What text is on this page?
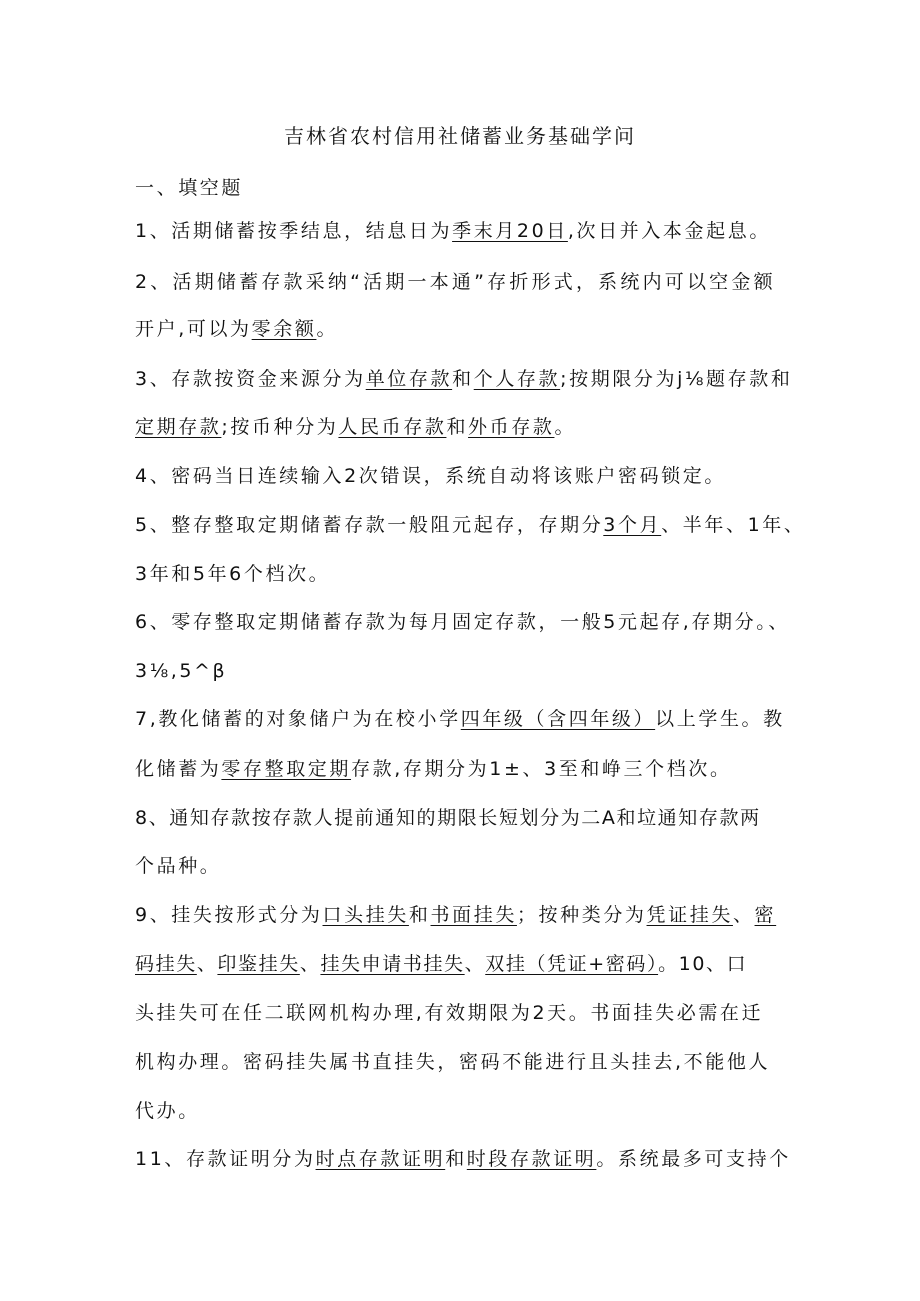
吉林省农村信用社储蓄业务基础学问
一、填空题
1、活期储蓄按季结息，结息日为季末月20日,次日并入本金起息。
2、活期储蓄存款采纳“活期一本通”存折形式，系统内可以空金额
开户,可以为零余额。
3、存款按资金来源分为单位存款和个人存款;按期限分为j⅛题存款和
定期存款;按币种分为人民币存款和外币存款。
4、密码当日连续输入2次错误，系统自动将该账户密码锁定。
5、整存整取定期储蓄存款一般阻元起存，存期分3个月、半年、1年、
3年和5年6个档次。
6、零存整取定期储蓄存款为每月固定存款，一般5元起存,存期分。、
3⅛,5^β
7,教化储蓄的对象储户为在校小学四年级（含四年级）以上学生。教
化储蓄为零存整取定期存款,存期分为1±、3至和峥三个档次。
8、通知存款按存款人提前通知的期限长短划分为二A和垃通知存款两
个品种。
9、挂失按形式分为口头挂失和书面挂失；按种类分为凭证挂失、密
码挂失、印鉴挂失、挂失申请书挂失、双挂（凭证+密码）。10、口
头挂失可在任二联网机构办理,有效期限为2天。书面挂失必需在迁
机构办理。密码挂失属书直挂失，密码不能进行且头挂去,不能他人
代办。
11、存款证明分为时点存款证明和时段存款证明。系统最多可支持个
